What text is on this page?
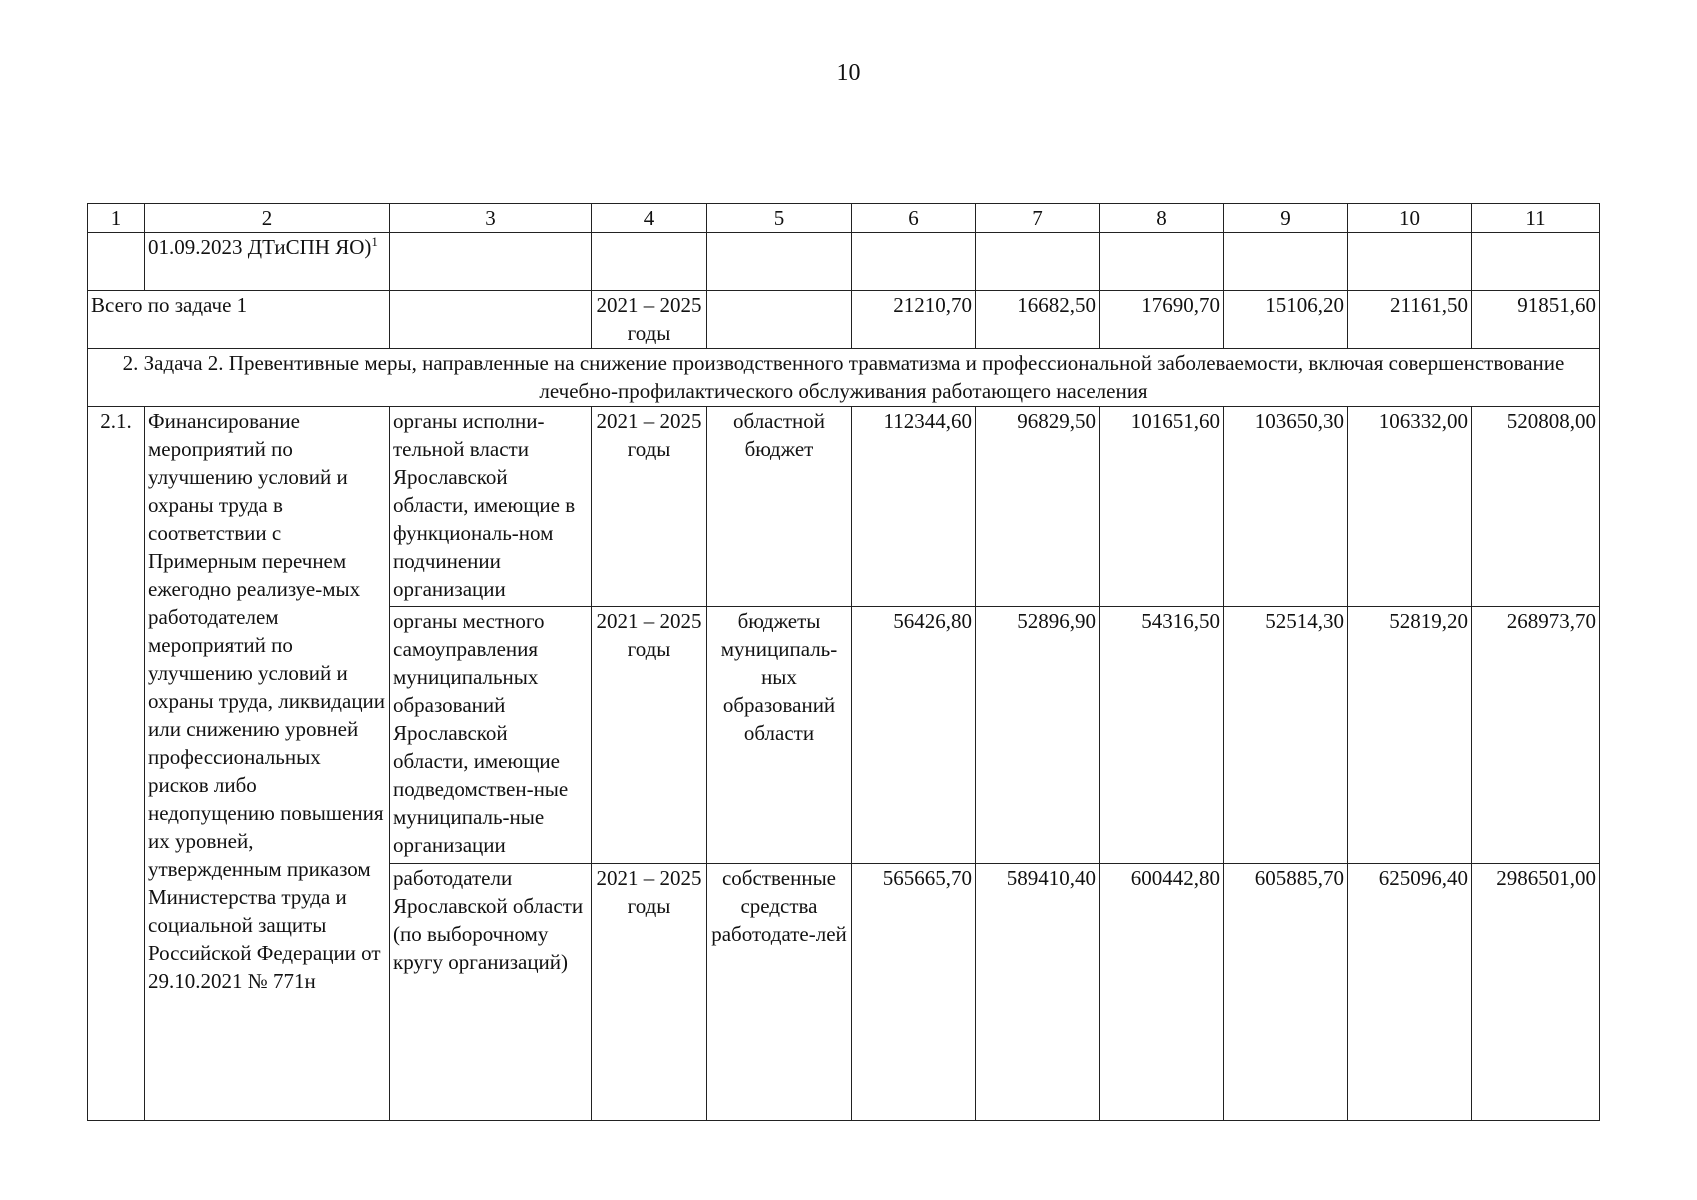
10
1	2	3	4	5	6	7	8	9	10	11
	01.09.2023 ДТиСПН ЯО)$^1$									
Всего по задаче 1			2021 – 2025 годы		21210,70	16682,50	17690,70	15106,20	21161,50	91851,60
2. Задача 2. Превентивные меры, направленные на снижение производственного травматизма и профессиональной заболеваемости, включая совершенствование лечебно-профилактического обслуживания работающего населения										
2.1.	Финансирование мероприятий по улучшению условий и охраны труда в соответствии с Примерным перечнем ежегодно реализуе-мых работодателем мероприятий по улучшению условий и охраны труда, ликвидации или снижению уровней профессиональных рисков либо недопущению повышения их уровней, утвержденным приказом Министерства труда и социальной защиты Российской Федерации от 29.10.2021 № 771н	органы исполни-тельной власти Ярославской области, имеющие в функциональ-ном подчинении организации	2021 – 2025 годы	областной бюджет	112344,60	96829,50	101651,60	103650,30	106332,00	520808,00
		органы местного самоуправления муниципальных образований Ярославской области, имеющие подведомствен-ные муниципаль-ные организации	2021 – 2025 годы	бюджеты муниципаль-ных образований области	56426,80	52896,90	54316,50	52514,30	52819,20	268973,70
		работодатели Ярославской области (по выборочному кругу организаций)	2021 – 2025 годы	собственные средства работодате-лей	565665,70	589410,40	600442,80	605885,70	625096,40	2986501,00
